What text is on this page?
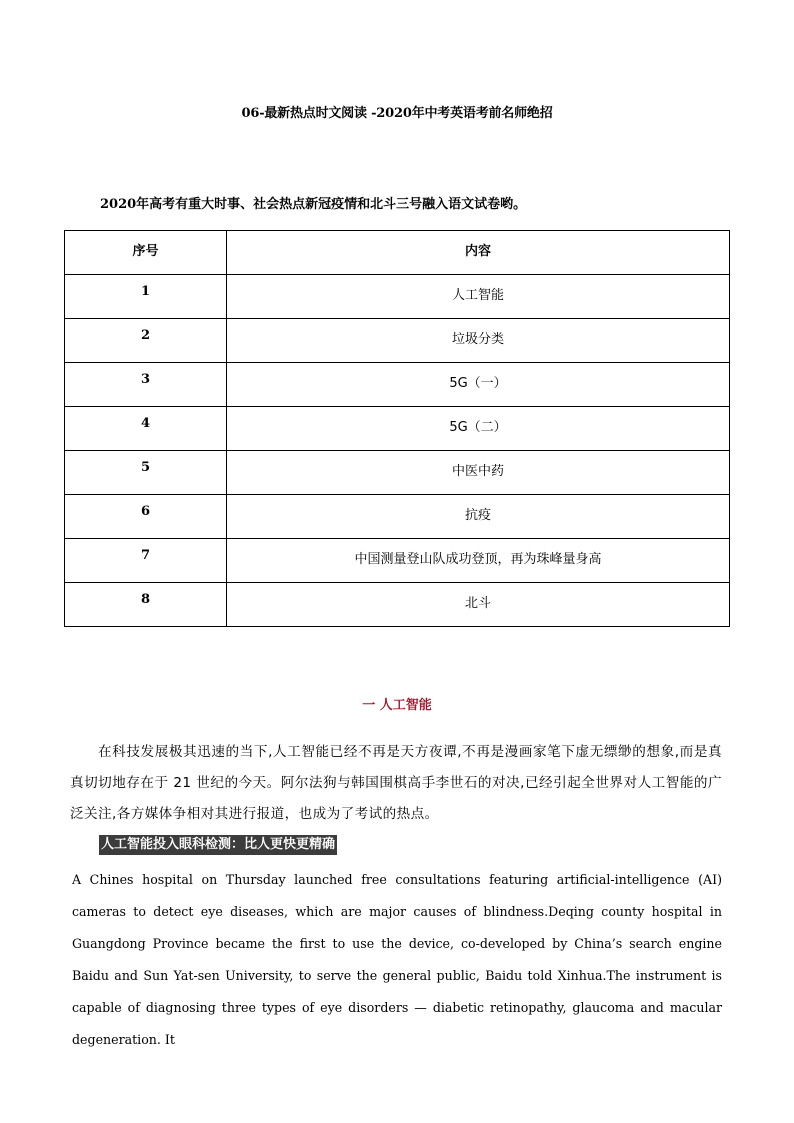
06-最新热点时文阅读 -2020年中考英语考前名师绝招
2020年高考有重大时事、社会热点新冠疫情和北斗三号融入语文试卷哟。
序号	内容
1	人工智能
2	垃圾分类
3	5G（一）
4	5G（二）
5	中医中药
6	抗疫
7	中国测量登山队成功登顶，再为珠峰量身高
8	北斗
一 人工智能
在科技发展极其迅速的当下,人工智能已经不再是天方夜谭,不再是漫画家笔下虚无缥缈的想象,而是真真切切地存在于 21 世纪的今天。阿尔法狗与韩国围棋高手李世石的对决,已经引起全世界对人工智能的广泛关注,各方媒体争相对其进行报道，也成为了考试的热点。
人工智能投入眼科检测：比人更快更精确
A Chines hospital on Thursday launched free consultations featuring artificial-intelligence (AI) cameras to detect eye diseases, which are major causes of blindness.Deqing county hospital in Guangdong Province became the first to use the device, co-developed by China’s search engine Baidu and Sun Yat-sen University, to serve the general public, Baidu told Xinhua.The instrument is capable of diagnosing three types of eye disorders — diabetic retinopathy, glaucoma and macular degeneration. It
